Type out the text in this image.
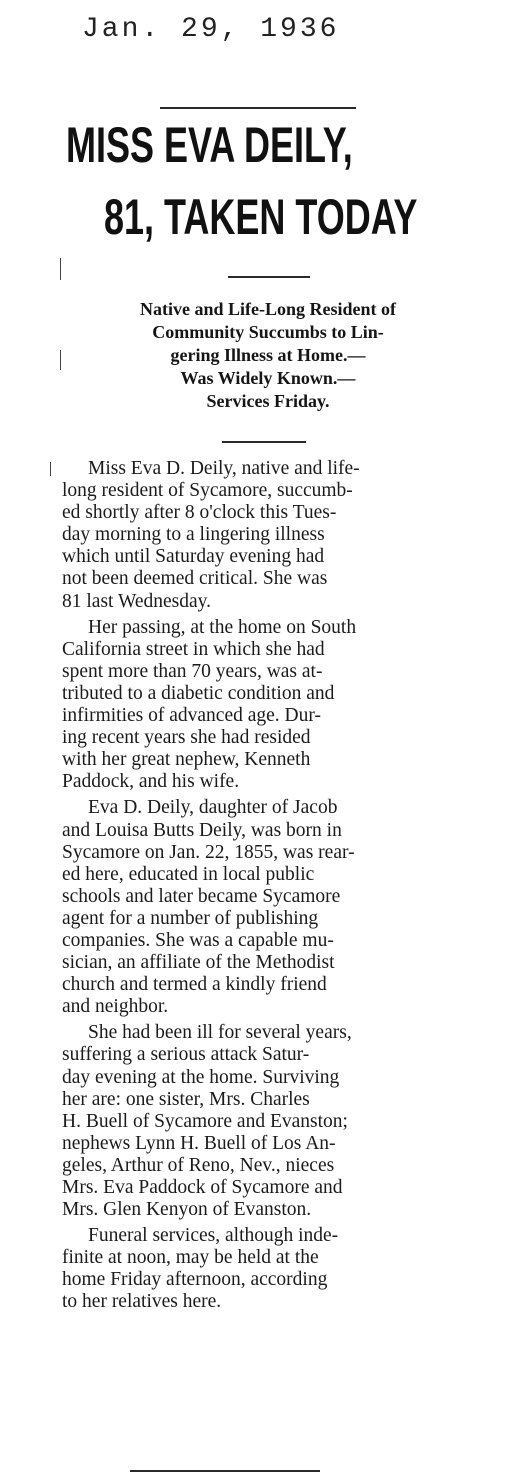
Jan. 29, 1936
MISS EVA DEILY,
81, TAKEN TODAY
Native and Life-Long Resident of
Community Succumbs to Lin-
gering Illness at Home.—
Was Widely Known.—
Services Friday.
Miss Eva D. Deily, native and life-
long resident of Sycamore, succumb-
ed shortly after 8 o'clock this Tues-
day morning to a lingering illness
which until Saturday evening had
not been deemed critical. She was
81 last Wednesday.
Her passing, at the home on South
California street in which she had
spent more than 70 years, was at-
tributed to a diabetic condition and
infirmities of advanced age. Dur-
ing recent years she had resided
with her great nephew, Kenneth
Paddock, and his wife.
Eva D. Deily, daughter of Jacob
and Louisa Butts Deily, was born in
Sycamore on Jan. 22, 1855, was rear-
ed here, educated in local public
schools and later became Sycamore
agent for a number of publishing
companies. She was a capable mu-
sician, an affiliate of the Methodist
church and termed a kindly friend
and neighbor.
She had been ill for several years,
suffering a serious attack Satur-
day evening at the home. Surviving
her are: one sister, Mrs. Charles
H. Buell of Sycamore and Evanston;
nephews Lynn H. Buell of Los An-
geles, Arthur of Reno, Nev., nieces
Mrs. Eva Paddock of Sycamore and
Mrs. Glen Kenyon of Evanston.
Funeral services, although inde-
finite at noon, may be held at the
home Friday afternoon, according
to her relatives here.
